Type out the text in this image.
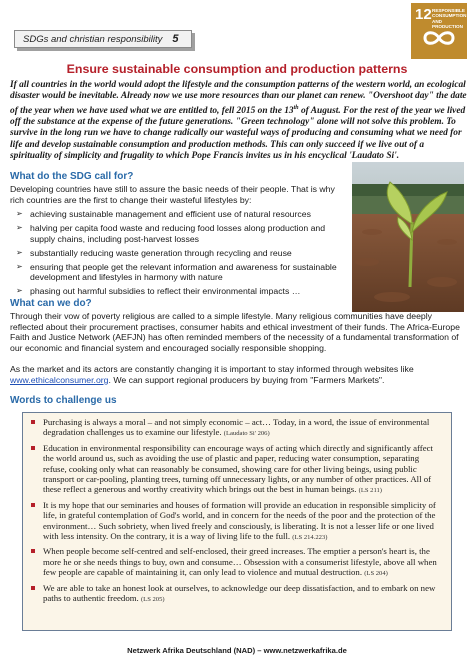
SDGs and christian responsibility 5
12 RESPONSIBLE
CONSUMPTION
AND PRODUCTION
Ensure sustainable consumption and production patterns

If all countries in the world would adopt the lifestyle and the consumption patterns of the western world, an ecological disaster would be inevitable. Already now we use more resources than our planet can renew. "Overshoot day" the date of the year when we have used what we are entitled to, fell 2015 on the 13th of August. For the rest of the year we lived off the substance at the expense of the future generations. "Green technology" alone will not solve this problem. To survive in the long run we have to change radically our wasteful ways of producing and consuming what we need for life and develop sustainable consumption and production methods. This can only succeed if we live out of a spirituality of simplicity and frugality to which Pope Francis invites us in his encyclical 'Laudato Si'.

What do the SDG call for?

Developing countries have still to assure the basic needs of their people. That is why rich countries are the first to change their wasteful lifestyles by:

➢ achieving sustainable management and efficient use of natural resources
➢ halving per capita food waste and reducing food losses along production and supply chains, including post-harvest losses
➢ substantially reducing waste generation through recycling and reuse
➢ ensuring that people get the relevant information and awareness for sustainable development and lifestyles in harmony with nature
➢ phasing out harmful subsidies to reflect their environmental impacts …
What can we do?

Through their vow of poverty religious are called to a simple lifestyle. Many religious communities have deeply reflected about their procurement practises, consumer habits and ethical investment of their funds. The Africa-Europe Faith and Justice Network (AEFJN) has often reminded members of the necessity of a fundamental transformation of our economic and financial system and encouraged socially responsible shopping.

As the market and its actors are constantly changing it is important to stay informed through websites like www.ethicalconsumer.org. We can support regional producers by buying from "Farmers Markets".

Words to challenge us
Purchasing is always a moral – and not simply economic – act… Today, in a word, the issue of environmental degradation challenges us to examine our lifestyle. (Laudato Si' 206)
Education in environmental responsibility can encourage ways of acting which directly and significantly affect the world around us, such as avoiding the use of plastic and paper, reducing water consumption, separating refuse, cooking only what can reasonably be consumed, showing care for other living beings, using public transport or car-pooling, planting trees, turning off unnecessary lights, or any number of other practices. All of these reflect a generous and worthy creativity which brings out the best in human beings. (LS 211)
It is my hope that our seminaries and houses of formation will provide an education in responsible simplicity of life, in grateful contemplation of God's world, and in concern for the needs of the poor and the protection of the environment… Such sobriety, when lived freely and consciously, is liberating. It is not a lesser life or one lived with less intensity. On the contrary, it is a way of living life to the full. (LS 214.223)
When people become self-centred and self-enclosed, their greed increases. The emptier a person's heart is, the more he or she needs things to buy, own and consume… Obsession with a consumerist lifestyle, above all when few people are capable of maintaining it, can only lead to violence and mutual destruction. (LS 204)
We are able to take an honest look at ourselves, to acknowledge our deep dissatisfaction, and to embark on new paths to authentic freedom. (LS 205)
Netzwerk Afrika Deutschland (NAD) – www.netzwerkafrika.de
